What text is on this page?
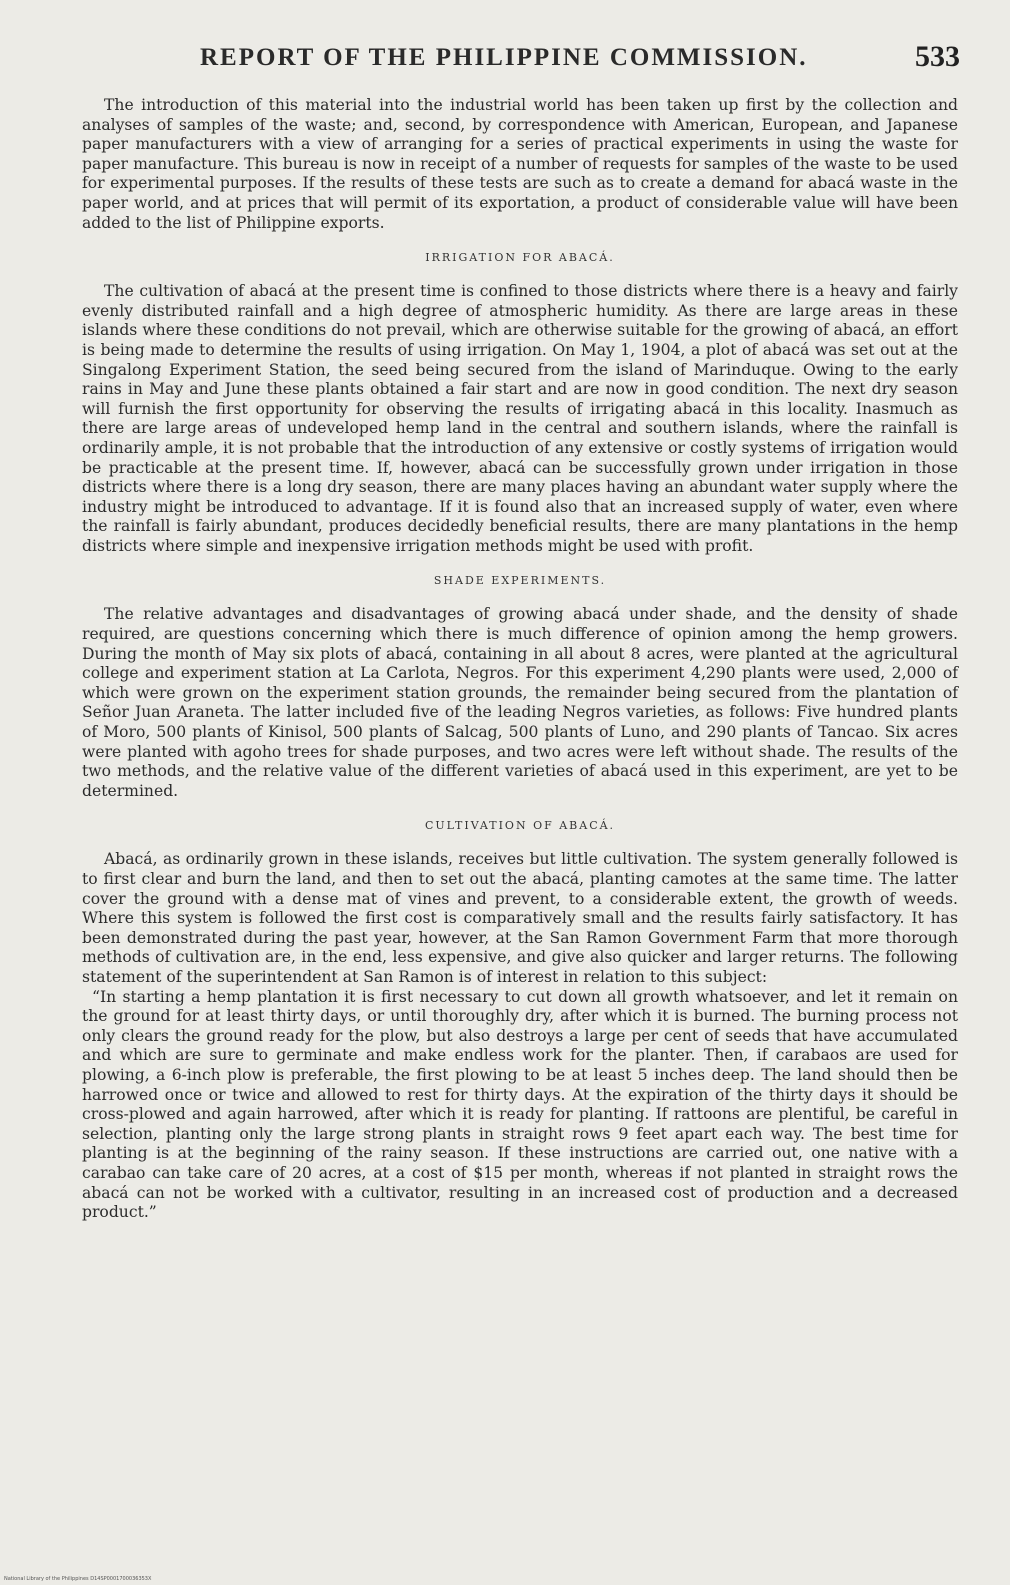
REPORT OF THE PHILIPPINE COMMISSION.	533

The introduction of this material into the industrial world has been taken up first by the collection and analyses of samples of the waste; and, second, by correspondence with American, European, and Japanese paper manufacturers with a view of arranging for a series of practical experiments in using the waste for paper manufacture. This bureau is now in receipt of a number of requests for samples of the waste to be used for experimental purposes. If the results of these tests are such as to create a demand for abacá waste in the paper world, and at prices that will permit of its exportation, a product of considerable value will have been added to the list of Philippine exports.

IRRIGATION FOR ABACÁ.

The cultivation of abacá at the present time is confined to those districts where there is a heavy and fairly evenly distributed rainfall and a high degree of atmospheric humidity. As there are large areas in these islands where these conditions do not prevail, which are otherwise suitable for the growing of abacá, an effort is being made to determine the results of using irrigation. On May 1, 1904, a plot of abacá was set out at the Singalong Experiment Station, the seed being secured from the island of Marinduque. Owing to the early rains in May and June these plants obtained a fair start and are now in good condition. The next dry season will furnish the first opportunity for observing the results of irrigating abacá in this locality. Inasmuch as there are large areas of undeveloped hemp land in the central and southern islands, where the rainfall is ordinarily ample, it is not probable that the introduction of any extensive or costly systems of irrigation would be practicable at the present time. If, however, abacá can be successfully grown under irrigation in those districts where there is a long dry season, there are many places having an abundant water supply where the industry might be introduced to advantage. If it is found also that an increased supply of water, even where the rainfall is fairly abundant, produces decidedly beneficial results, there are many plantations in the hemp districts where simple and inexpensive irrigation methods might be used with profit.

SHADE EXPERIMENTS.

The relative advantages and disadvantages of growing abacá under shade, and the density of shade required, are questions concerning which there is much difference of opinion among the hemp growers. During the month of May six plots of abacá, containing in all about 8 acres, were planted at the agricultural college and experiment station at La Carlota, Negros. For this experiment 4,290 plants were used, 2,000 of which were grown on the experiment station grounds, the remainder being secured from the plantation of Señor Juan Araneta. The latter included five of the leading Negros varieties, as follows: Five hundred plants of Moro, 500 plants of Kinisol, 500 plants of Salcag, 500 plants of Luno, and 290 plants of Tancao. Six acres were planted with agoho trees for shade purposes, and two acres were left without shade. The results of the two methods, and the relative value of the different varieties of abacá used in this experiment, are yet to be determined.

CULTIVATION OF ABACÁ.

Abacá, as ordinarily grown in these islands, receives but little cultivation. The system generally followed is to first clear and burn the land, and then to set out the abacá, planting camotes at the same time. The latter cover the ground with a dense mat of vines and prevent, to a considerable extent, the growth of weeds. Where this system is followed the first cost is comparatively small and the results fairly satisfactory. It has been demonstrated during the past year, however, at the San Ramon Government Farm that more thorough methods of cultivation are, in the end, less expensive, and give also quicker and larger returns. The following statement of the superintendent at San Ramon is of interest in relation to this subject:

“In starting a hemp plantation it is first necessary to cut down all growth whatsoever, and let it remain on the ground for at least thirty days, or until thoroughly dry, after which it is burned. The burning process not only clears the ground ready for the plow, but also destroys a large per cent of seeds that have accumulated and which are sure to germinate and make endless work for the planter. Then, if carabaos are used for plowing, a 6-inch plow is preferable, the first plowing to be at least 5 inches deep. The land should then be harrowed once or twice and allowed to rest for thirty days. At the expiration of the thirty days it should be cross-plowed and again harrowed, after which it is ready for planting. If rattoons are plentiful, be careful in selection, planting only the large strong plants in straight rows 9 feet apart each way. The best time for planting is at the beginning of the rainy season. If these instructions are carried out, one native with a carabao can take care of 20 acres, at a cost of $15 per month, whereas if not planted in straight rows the abacá can not be worked with a cultivator, resulting in an increased cost of production and a decreased product.”

National Library of the Philippines D14SP0001700036353X
